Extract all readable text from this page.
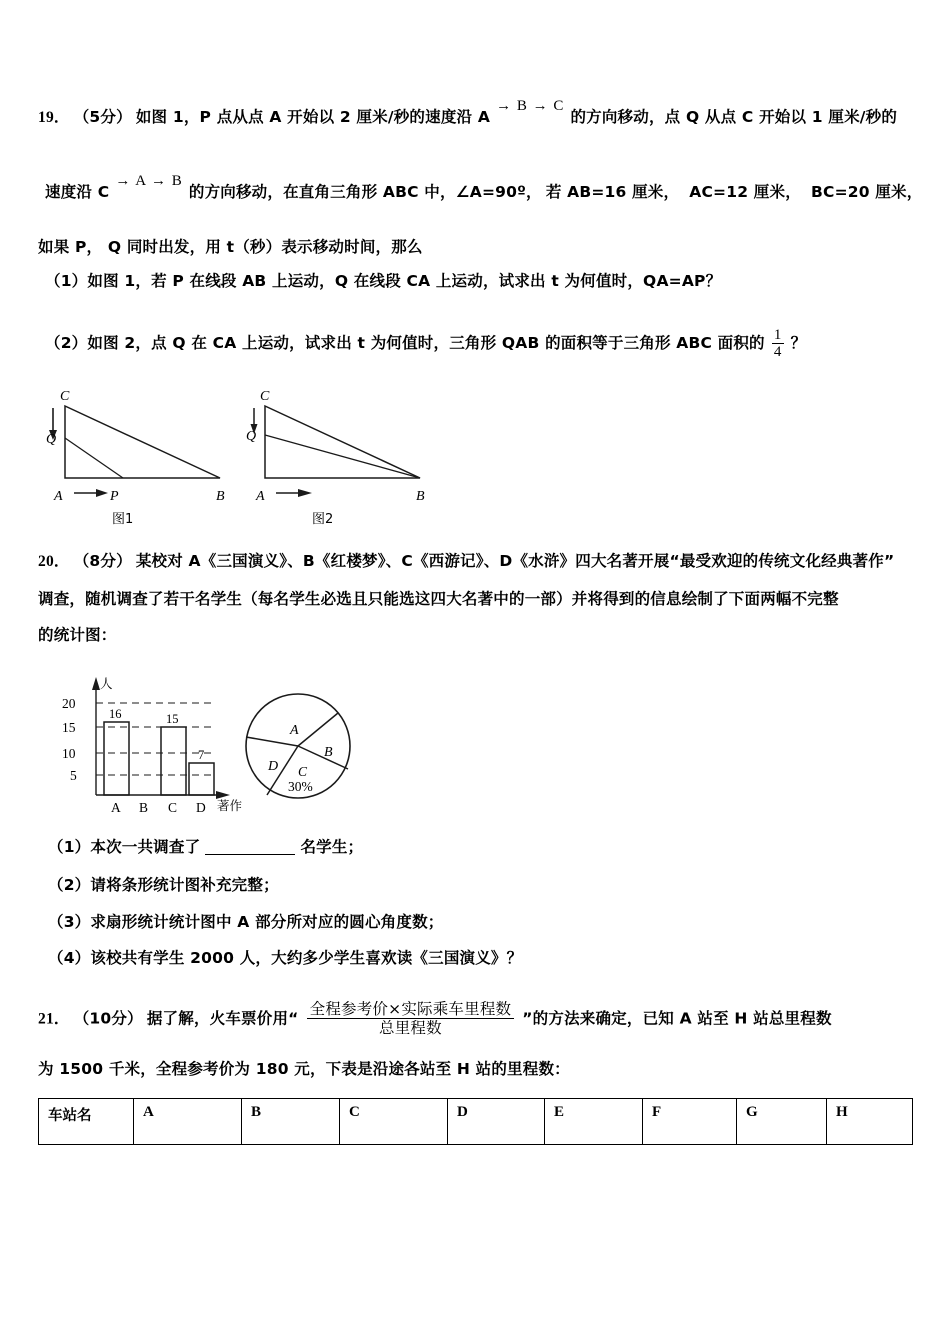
19． （5分） 如图 1，P 点从点 A 开始以 2 厘米/秒的速度沿 A → B → C 的方向移动，点 Q 从点 C 开始以 1 厘米/秒的
速度沿 C → A → B 的方向移动，在直角三角形 ABC 中，∠A=90º， 若 AB=16 厘米， AC=12 厘米， BC=20 厘米，
如果 P， Q 同时出发，用 t（秒）表示移动时间，那么
（1）如图 1，若 P 在线段 AB 上运动，Q 在线段 CA 上运动，试求出 t 为何值时，QA=AP？
（2）如图 2，点 Q 在 CA 上运动，试求出 t 为何值时，三角形 QAB 的面积等于三角形 ABC 面积的 $\frac{1}{4}$ ？
C
Q
A	P	B
图1
C
Q
A	B
图2
20． （8分） 某校对 A《三国演义》、B《红楼梦》、C《西游记》、D《水浒》四大名著开展“最受欢迎的传统文化经典著作”
调查，随机调查了若干名学生（每名学生必选且只能选这四大名著中的一部）并将得到的信息绘制了下面两幅不完整
的统计图：
人
5
10
15
20
16	15
7
A B C D 著作
A
B
C
30%
D
（1）本次一共调查了	名学生；
（2）请将条形统计图补充完整；
（3）求扇形统计统计图中 A 部分所对应的圆心角度数；
（4）该校共有学生 2000 人，大约多少学生喜欢读《三国演义》？
21． （10分） 据了解，火车票价用“ $\frac{\text{全程参考价×实际乘车里程数}}{\text{总里程数}}$ ”的方法来确定，已知 A 站至 H 站总里程数
为 1500 千米，全程参考价为 180 元，下表是沿途各站至 H 站的里程数：
车站名	A	B	C	D	E	F	G	H
